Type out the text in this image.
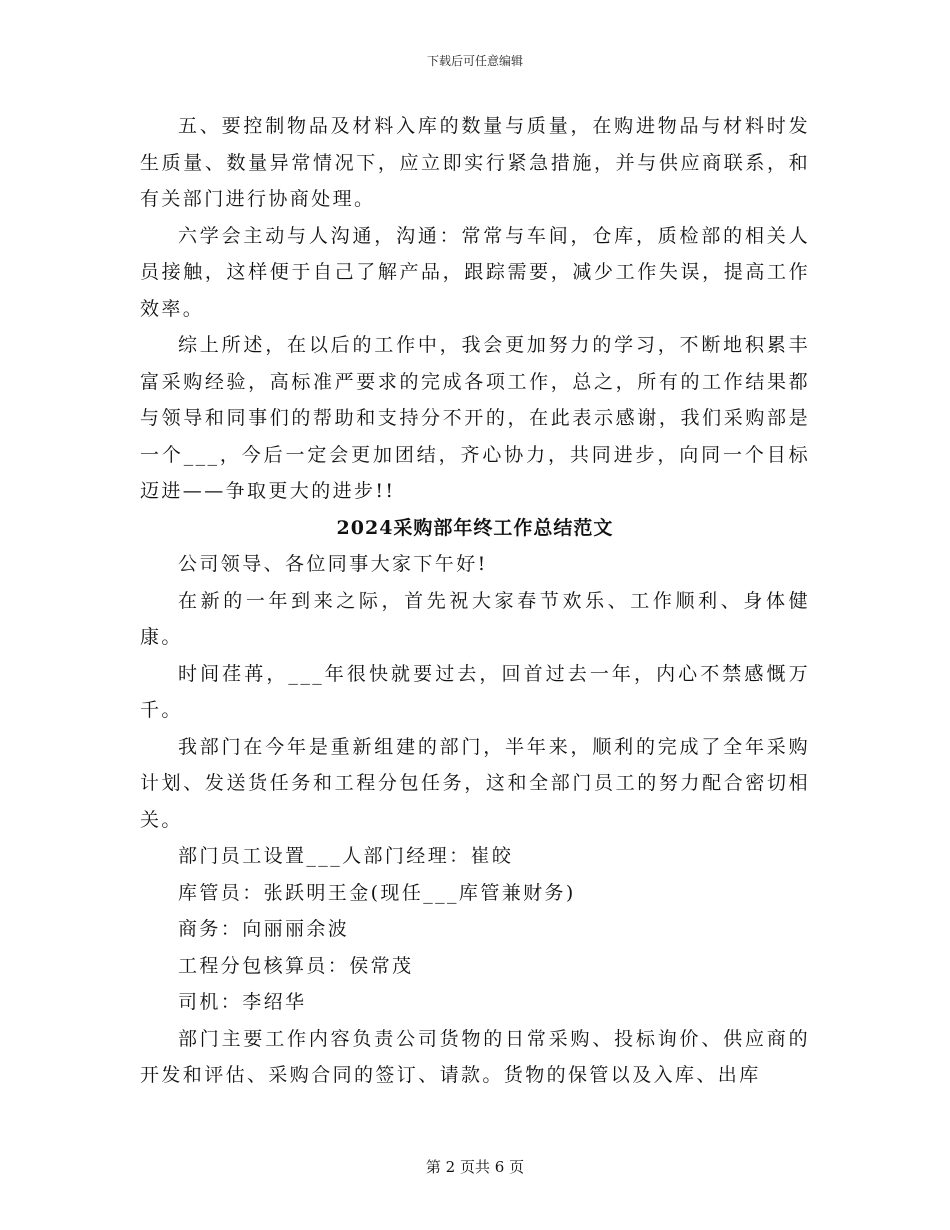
下载后可任意编辑

五、要控制物品及材料入库的数量与质量，在购进物品与材料时发生质量、数量异常情况下，应立即实行紧急措施，并与供应商联系，和有关部门进行协商处理。

六学会主动与人沟通，沟通：常常与车间，仓库，质检部的相关人员接触，这样便于自己了解产品，跟踪需要，减少工作失误，提高工作效率。

综上所述，在以后的工作中，我会更加努力的学习，不断地积累丰富采购经验，高标准严要求的完成各项工作，总之，所有的工作结果都与领导和同事们的帮助和支持分不开的，在此表示感谢，我们采购部是一个___，今后一定会更加团结，齐心协力，共同进步，向同一个目标迈进——争取更大的进步!!

2024采购部年终工作总结范文

公司领导、各位同事大家下午好!

在新的一年到来之际，首先祝大家春节欢乐、工作顺利、身体健康。

时间荏苒，___年很快就要过去，回首过去一年，内心不禁感慨万千。

我部门在今年是重新组建的部门，半年来，顺利的完成了全年采购计划、发送货任务和工程分包任务，这和全部门员工的努力配合密切相关。

部门员工设置___人部门经理：崔皎

库管员：张跃明王金(现任___库管兼财务)

商务：向丽丽余波

工程分包核算员：侯常茂

司机：李绍华

部门主要工作内容负责公司货物的日常采购、投标询价、供应商的开发和评估、采购合同的签订、请款。货物的保管以及入库、出库

第 2 页共 6 页
